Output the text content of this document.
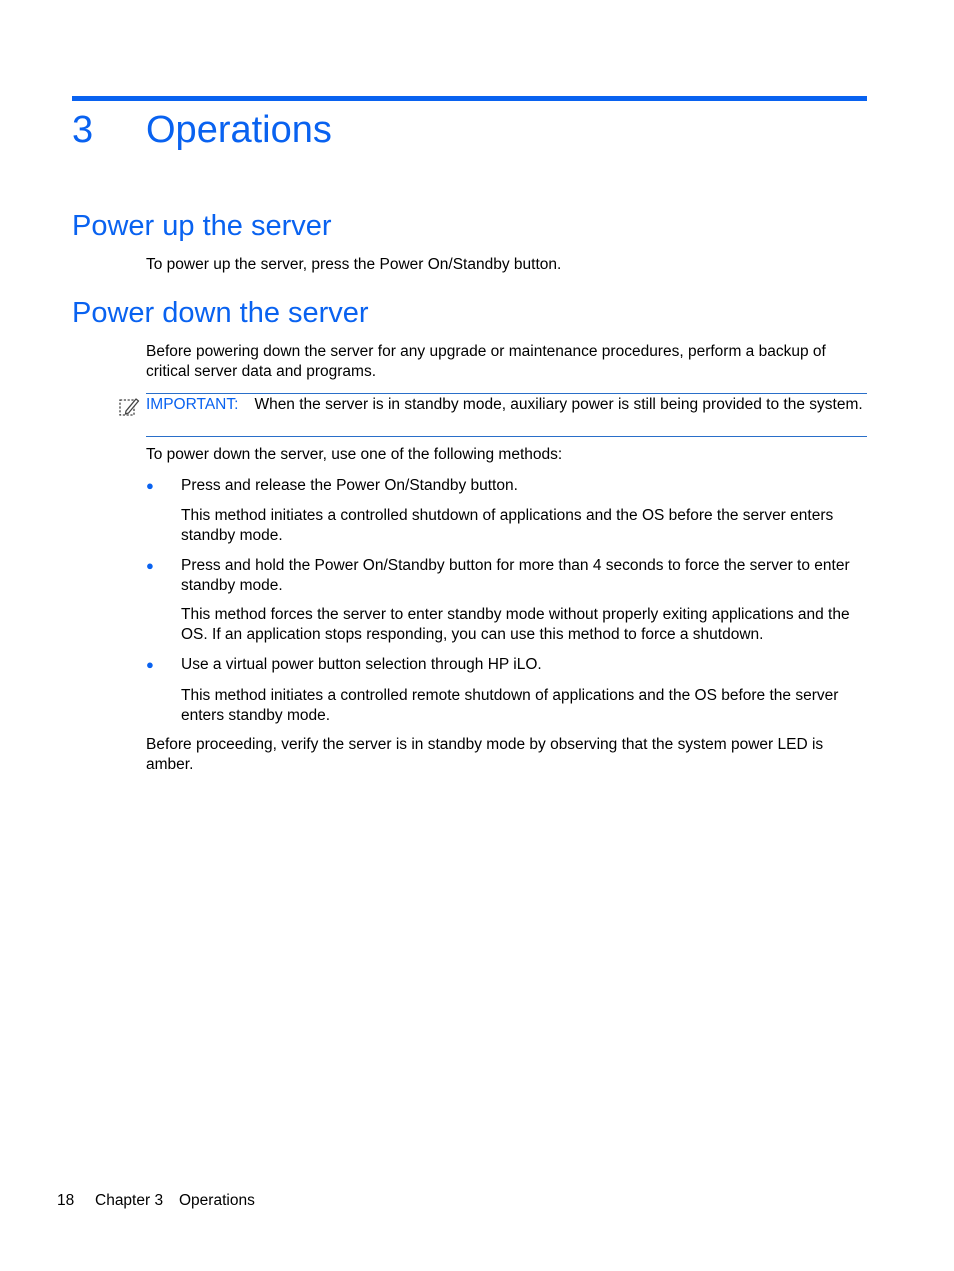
3 Operations
Power up the server

To power up the server, press the Power On/Standby button.

Power down the server

Before powering down the server for any upgrade or maintenance procedures, perform a backup of critical server data and programs.

IMPORTANT: When the server is in standby mode, auxiliary power is still being provided to the system.

To power down the server, use one of the following methods:

● Press and release the Power On/Standby button.

This method initiates a controlled shutdown of applications and the OS before the server enters standby mode.

● Press and hold the Power On/Standby button for more than 4 seconds to force the server to enter standby mode.

This method forces the server to enter standby mode without properly exiting applications and the OS. If an application stops responding, you can use this method to force a shutdown.

● Use a virtual power button selection through HP iLO.

This method initiates a controlled remote shutdown of applications and the OS before the server enters standby mode.

Before proceeding, verify the server is in standby mode by observing that the system power LED is amber.

18 Chapter 3 Operations
